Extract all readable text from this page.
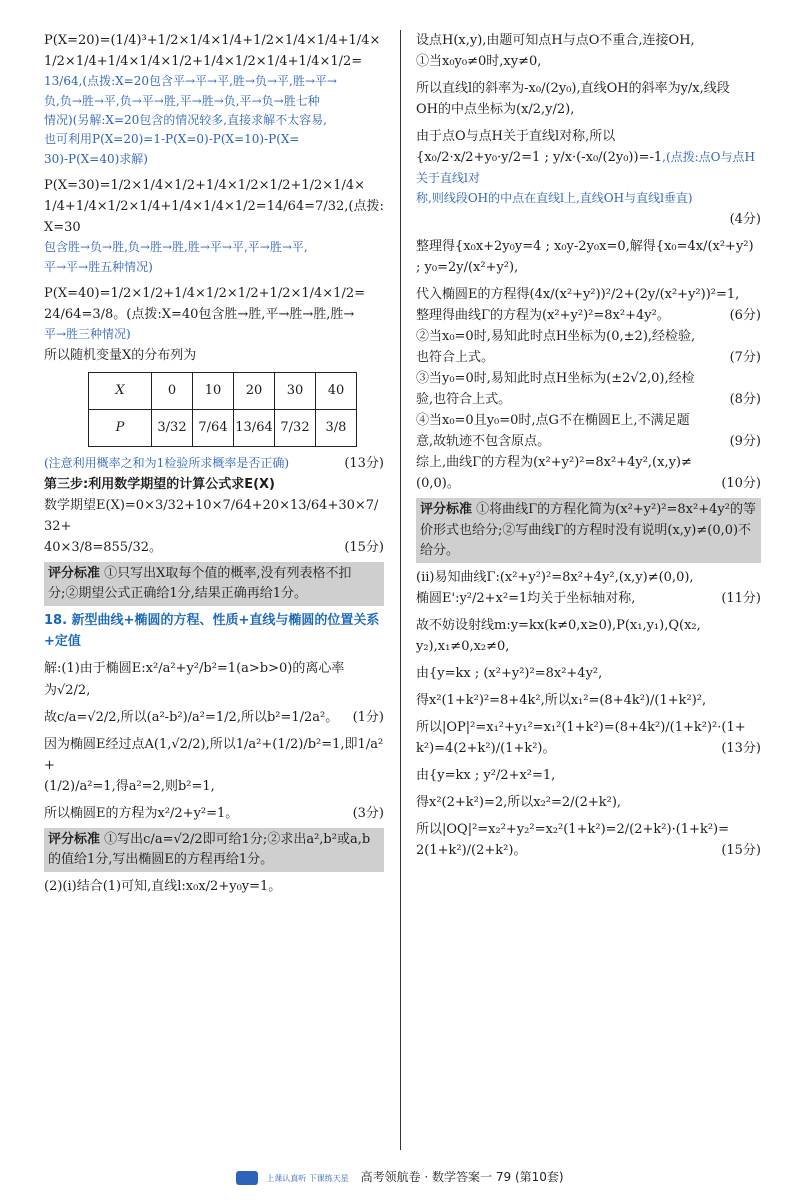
P(X=20)=(1/4)³+1/2×1/4×1/4+1/2×1/4×1/4+1/4×
1/2×1/4+1/4×1/4×1/2+1/4×1/2×1/4+1/4×1/2=
13/64,(点拨:X=20包含平→平→平,胜→负→平,胜→平→
负,负→胜→平,负→平→胜,平→胜→负,平→负→胜七种
情况)(另解:X=20包含的情况较多,直接求解不太容易,
也可利用P(X=20)=1-P(X=0)-P(X=10)-P(X=
30)-P(X=40)求解)
P(X=30)=1/2×1/4×1/2+1/4×1/2×1/2+1/2×1/4×
1/4+1/4×1/2×1/4+1/4×1/4×1/2=14/64=7/32,(点拨:X=30
包含胜→负→胜,负→胜→胜,胜→平→平,平→胜→平,
平→平→胜五种情况)
P(X=40)=1/2×1/2+1/4×1/2×1/2+1/2×1/4×1/2=
24/64=3/8。(点拨:X=40包含胜→胜,平→胜→胜,胜→
平→胜三种情况)
所以随机变量X的分布列为
X	0	10	20	30	40
P	3/32	7/64	13/64	7/32	3/8
(注意利用概率之和为1检验所求概率是否正确)	(13分)
第三步:利用数学期望的计算公式求E(X)
数学期望E(X)=0×3/32+10×7/64+20×13/64+30×7/32+
40×3/8=855/32。	(15分)
评分标准 ①只写出X取每个值的概率,没有列表格不扣分;②期望公式正确给1分,结果正确再给1分。
18. 新型曲线+椭圆的方程、性质+直线与椭圆的位置关系+定值
解:(1)由于椭圆E:x²/a²+y²/b²=1(a>b>0)的离心率
为√2/2,
故c/a=√2/2,所以(a²-b²)/a²=1/2,所以b²=1/2a²。 (1分)
因为椭圆E经过点A(1,√2/2),所以1/a²+(1/2)/b²=1,即1/a²+
(1/2)/a²=1,得a²=2,则b²=1,
所以椭圆E的方程为x²/2+y²=1。	(3分)
评分标准 ①写出c/a=√2/2即可给1分;②求出a²,b²或a,b的值给1分,写出椭圆E的方程再给1分。
(2)(i)结合(1)可知,直线l:x₀x/2+y₀y=1。
设点H(x,y),由题可知点H与点O不重合,连接OH,
①当x₀y₀≠0时,xy≠0,
所以直线l的斜率为-x₀/(2y₀),直线OH的斜率为y/x,线段
OH的中点坐标为(x/2,y/2),
由于点O与点H关于直线l对称,所以
{x₀/2·x/2+y₀·y/2=1 ; y/x·(-x₀/(2y₀))=-1,(点拨:点O与点H关于直线l对
称,则线段OH的中点在直线l上,直线OH与直线l垂直)
(4分)
整理得{x₀x+2y₀y=4 ; x₀y-2y₀x=0,解得{x₀=4x/(x²+y²) ; y₀=2y/(x²+y²),
代入椭圆E的方程得(4x/(x²+y²))²/2+(2y/(x²+y²))²=1,
整理得曲线Γ的方程为(x²+y²)²=8x²+4y²。	(6分)
②当x₀=0时,易知此时点H坐标为(0,±2),经检验,
也符合上式。	(7分)
③当y₀=0时,易知此时点H坐标为(±2√2,0),经检
验,也符合上式。	(8分)
④当x₀=0且y₀=0时,点G不在椭圆E上,不满足题
意,故轨迹不包含原点。	(9分)
综上,曲线Γ的方程为(x²+y²)²=8x²+4y²,(x,y)≠
(0,0)。	(10分)
评分标准 ①将曲线Γ的方程化简为(x²+y²)²=8x²+4y²的等价形式也给分;②写曲线Γ的方程时没有说明(x,y)≠(0,0)不给分。
(ii)易知曲线Γ:(x²+y²)²=8x²+4y²,(x,y)≠(0,0),
椭圆E':y²/2+x²=1均关于坐标轴对称,	(11分)
故不妨设射线m:y=kx(k≠0,x≥0),P(x₁,y₁),Q(x₂,
y₂),x₁≠0,x₂≠0,
由{y=kx ; (x²+y²)²=8x²+4y²,
得x²(1+k²)²=8+4k²,所以x₁²=(8+4k²)/(1+k²)²,
所以|OP|²=x₁²+y₁²=x₁²(1+k²)=(8+4k²)/(1+k²)²·(1+
k²)=4(2+k²)/(1+k²)。	(13分)
由{y=kx ; y²/2+x²=1,
得x²(2+k²)=2,所以x₂²=2/(2+k²),
所以|OQ|²=x₂²+y₂²=x₂²(1+k²)=2/(2+k²)·(1+k²)=
2(1+k²)/(2+k²)。	(15分)
上课认真听 下课练天星 高考领航卷 · 数学答案一 79 (第10套)
